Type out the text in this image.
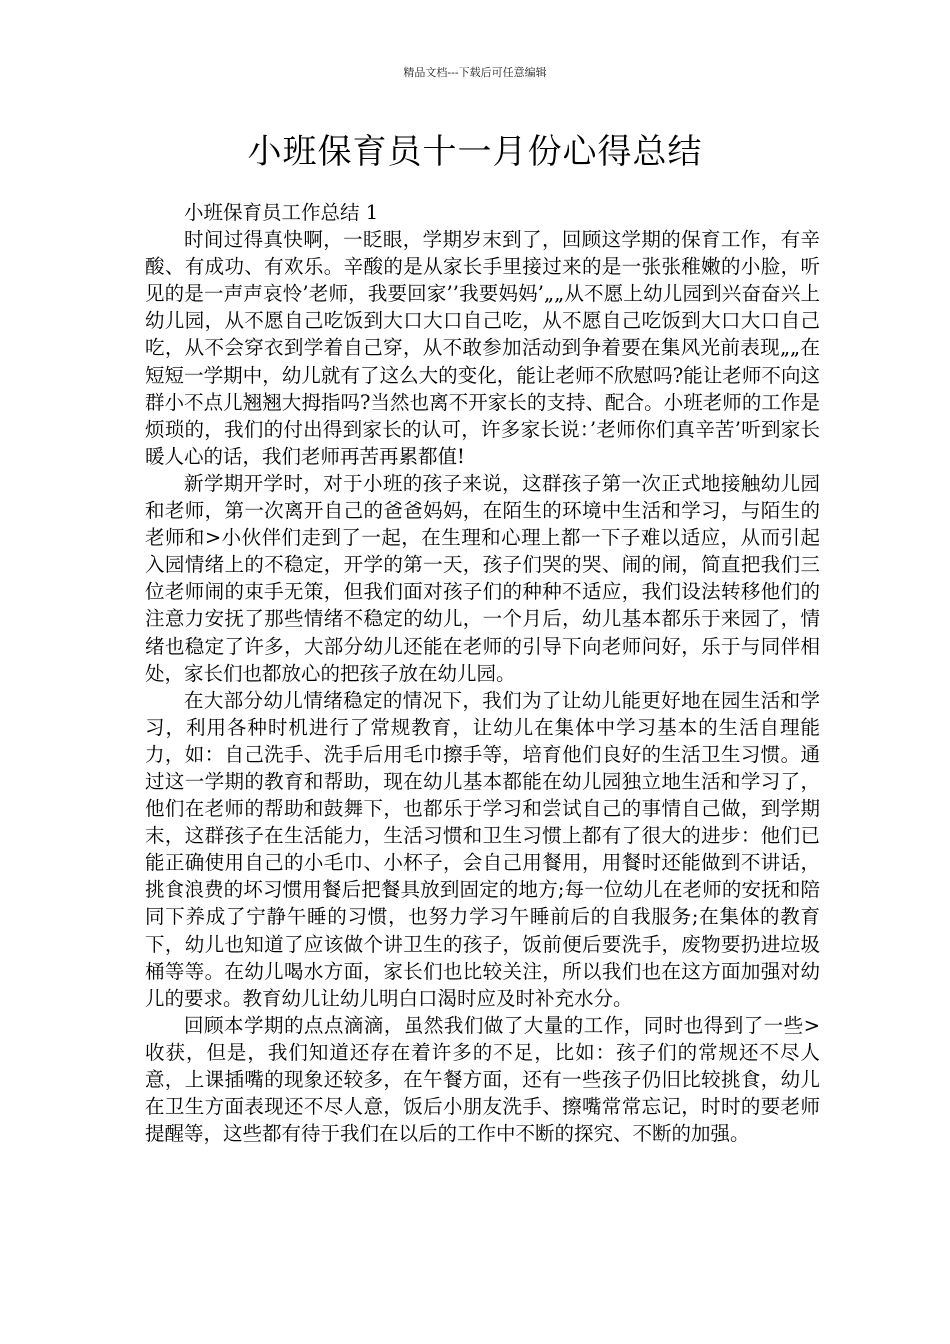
精品文档---下载后可任意编辑
小班保育员十一月份心得总结

小班保育员工作总结 1

时间过得真快啊，一眨眼，学期岁末到了，回顾这学期的保育工作，有辛酸、有成功、有欢乐。辛酸的是从家长手里接过来的是一张张稚嫩的小脸，听见的是一声声哀怜’老师，我要回家’’我要妈妈’„„从不愿上幼儿园到兴奋奋兴上幼儿园，从不愿自己吃饭到大口大口自己吃，从不愿自己吃饭到大口大口自己吃，从不会穿衣到学着自己穿，从不敢参加活动到争着要在集风光前表现„„在短短一学期中，幼儿就有了这么大的变化，能让老师不欣慰吗?能让老师不向这群小不点儿翘翘大拇指吗?当然也离不开家长的支持、配合。小班老师的工作是烦琐的，我们的付出得到家长的认可，许多家长说：’老师你们真辛苦’听到家长暖人心的话，我们老师再苦再累都值!

新学期开学时，对于小班的孩子来说，这群孩子第一次正式地接触幼儿园和老师，第一次离开自己的爸爸妈妈，在陌生的环境中生活和学习，与陌生的老师和>小伙伴们走到了一起，在生理和心理上都一下子难以适应，从而引起入园情绪上的不稳定，开学的第一天，孩子们哭的哭、闹的闹，简直把我们三位老师闹的束手无策，但我们面对孩子们的种种不适应，我们设法转移他们的注意力安抚了那些情绪不稳定的幼儿，一个月后，幼儿基本都乐于来园了，情绪也稳定了许多，大部分幼儿还能在老师的引导下向老师问好，乐于与同伴相处，家长们也都放心的把孩子放在幼儿园。

在大部分幼儿情绪稳定的情况下，我们为了让幼儿能更好地在园生活和学习，利用各种时机进行了常规教育，让幼儿在集体中学习基本的生活自理能力，如：自己洗手、洗手后用毛巾擦手等，培育他们良好的生活卫生习惯。通过这一学期的教育和帮助，现在幼儿基本都能在幼儿园独立地生活和学习了，他们在老师的帮助和鼓舞下，也都乐于学习和尝试自己的事情自己做，到学期末，这群孩子在生活能力，生活习惯和卫生习惯上都有了很大的进步：他们已能正确使用自己的小毛巾、小杯子，会自己用餐用，用餐时还能做到不讲话，挑食浪费的坏习惯用餐后把餐具放到固定的地方;每一位幼儿在老师的安抚和陪同下养成了宁静午睡的习惯，也努力学习午睡前后的自我服务;在集体的教育下，幼儿也知道了应该做个讲卫生的孩子，饭前便后要洗手，废物要扔进垃圾桶等等。在幼儿喝水方面，家长们也比较关注，所以我们也在这方面加强对幼儿的要求。教育幼儿让幼儿明白口渴时应及时补充水分。

回顾本学期的点点滴滴，虽然我们做了大量的工作，同时也得到了一些>收获，但是，我们知道还存在着许多的不足，比如：孩子们的常规还不尽人意，上课插嘴的现象还较多，在午餐方面，还有一些孩子仍旧比较挑食，幼儿在卫生方面表现还不尽人意，饭后小朋友洗手、擦嘴常常忘记，时时的要老师提醒等，这些都有待于我们在以后的工作中不断的探究、不断的加强。
